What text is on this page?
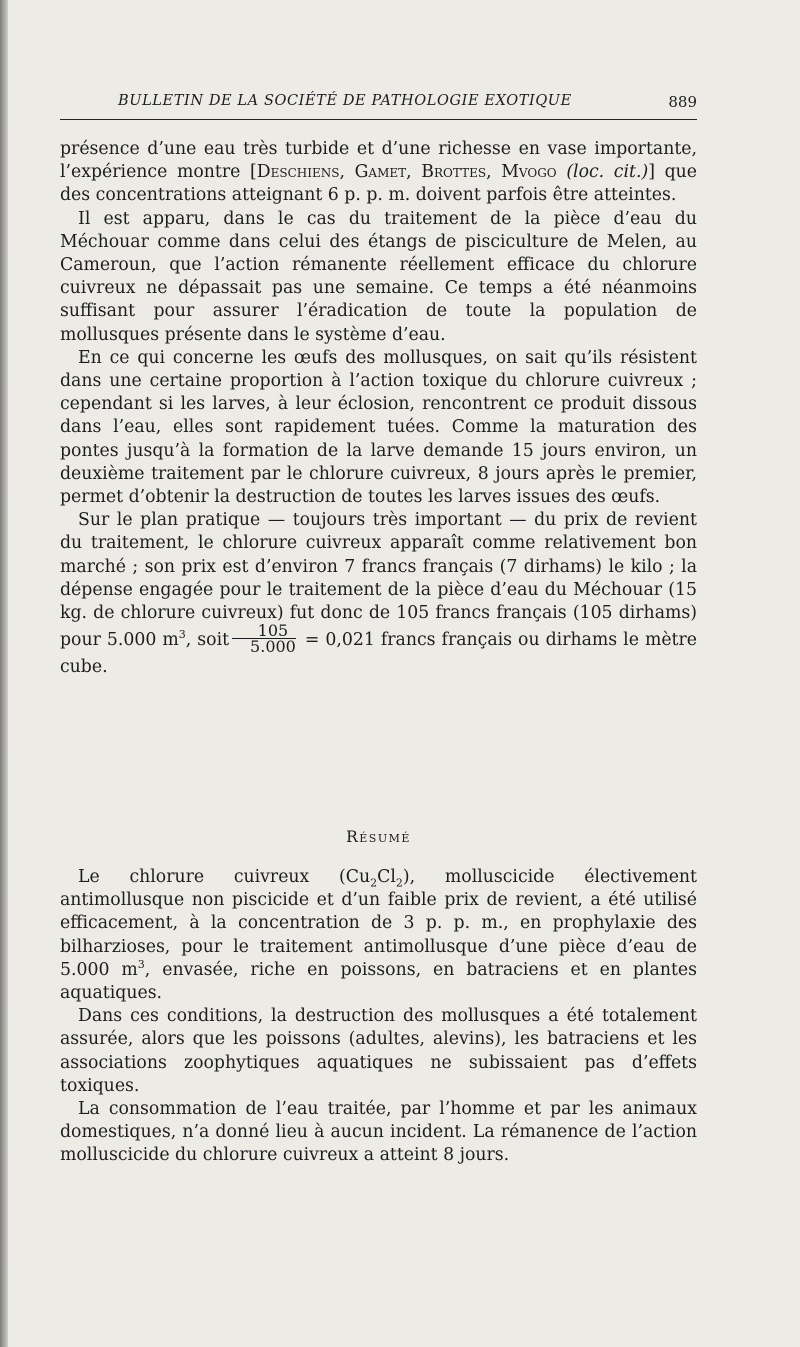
BULLETIN DE LA SOCIÉTÉ DE PATHOLOGIE EXOTIQUE	889

présence d’une eau très turbide et d’une richesse en vase importante, l’expérience montre [Deschiens, Gamet, Brottes, Mvogo (loc. cit.)] que des concentrations atteignant 6 p. p. m. doivent parfois être atteintes.

Il est apparu, dans le cas du traitement de la pièce d’eau du Méchouar comme dans celui des étangs de pisciculture de Melen, au Cameroun, que l’action rémanente réellement efficace du chlorure cuivreux ne dépassait pas une semaine. Ce temps a été néanmoins suffisant pour assurer l’éradication de toute la population de mollusques présente dans le système d’eau.

En ce qui concerne les œufs des mollusques, on sait qu’ils résistent dans une certaine proportion à l’action toxique du chlorure cuivreux ; cependant si les larves, à leur éclosion, rencontrent ce produit dissous dans l’eau, elles sont rapidement tuées. Comme la maturation des pontes jusqu’à la formation de la larve demande 15 jours environ, un deuxième traitement par le chlorure cuivreux, 8 jours après le premier, permet d’obtenir la destruction de toutes les larves issues des œufs.

Sur le plan pratique — toujours très important — du prix de revient du traitement, le chlorure cuivreux apparaît comme relativement bon marché ; son prix est d’environ 7 francs français (7 dirhams) le kilo ; la dépense engagée pour le traitement de la pièce d’eau du Méchouar (15 kg. de chlorure cuivreux) fut donc de 105 francs français (105 dirhams) pour 5.000 $m^3$, soit $\frac{105}{5.000} = 0,021$ francs français ou dirhams le mètre cube.

Résumé

Le chlorure cuivreux $(Cu_2Cl_2)$, molluscicide électivement antimollusque non piscicide et d’un faible prix de revient, a été utilisé efficacement, à la concentration de 3 p. p. m., en prophylaxie des bilharzioses, pour le traitement antimollusque d’une pièce d’eau de 5.000 $m^3$, envasée, riche en poissons, en batraciens et en plantes aquatiques.

Dans ces conditions, la destruction des mollusques a été totalement assurée, alors que les poissons (adultes, alevins), les batraciens et les associations zoophytiques aquatiques ne subissaient pas d’effets toxiques.

La consommation de l’eau traitée, par l’homme et par les animaux domestiques, n’a donné lieu à aucun incident. La rémanence de l’action molluscicide du chlorure cuivreux a atteint 8 jours.
